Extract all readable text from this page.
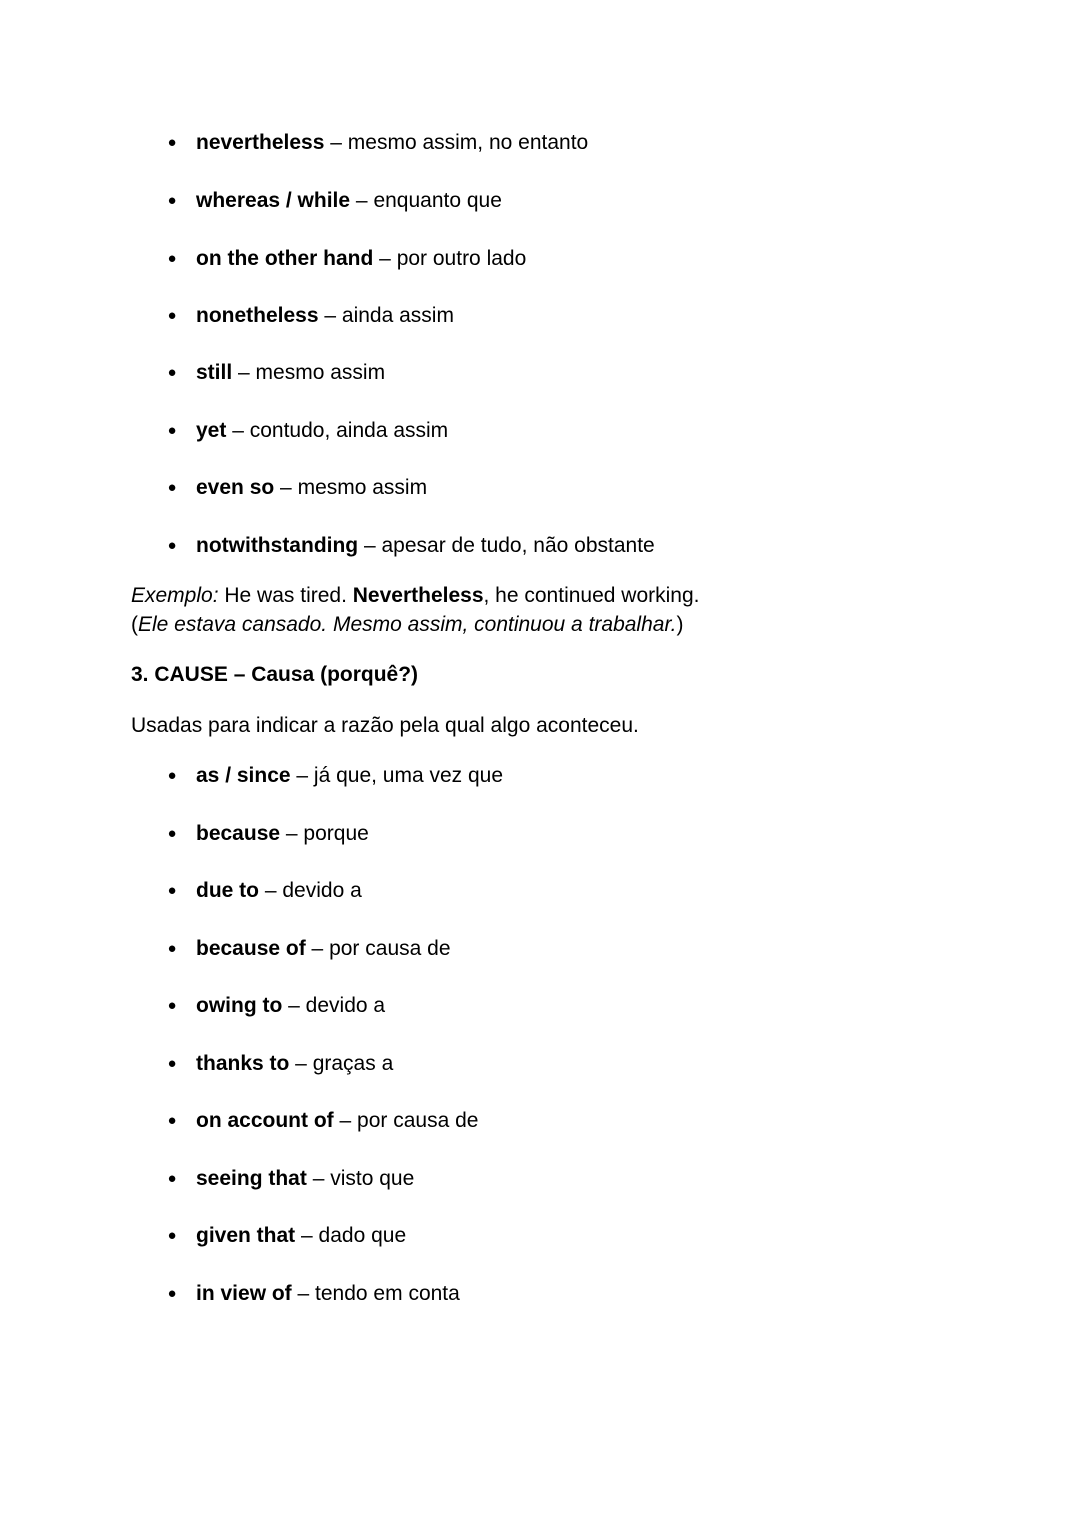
● nevertheless – mesmo assim, no entanto
● whereas / while – enquanto que
● on the other hand – por outro lado
● nonetheless – ainda assim
● still – mesmo assim
● yet – contudo, ainda assim
● even so – mesmo assim
● notwithstanding – apesar de tudo, não obstante
Exemplo: He was tired. Nevertheless, he continued working.
(Ele estava cansado. Mesmo assim, continuou a trabalhar.)
3. CAUSE – Causa (porquê?)
Usadas para indicar a razão pela qual algo aconteceu.
● as / since – já que, uma vez que
● because – porque
● due to – devido a
● because of – por causa de
● owing to – devido a
● thanks to – graças a
● on account of – por causa de
● seeing that – visto que
● given that – dado que
● in view of – tendo em conta
